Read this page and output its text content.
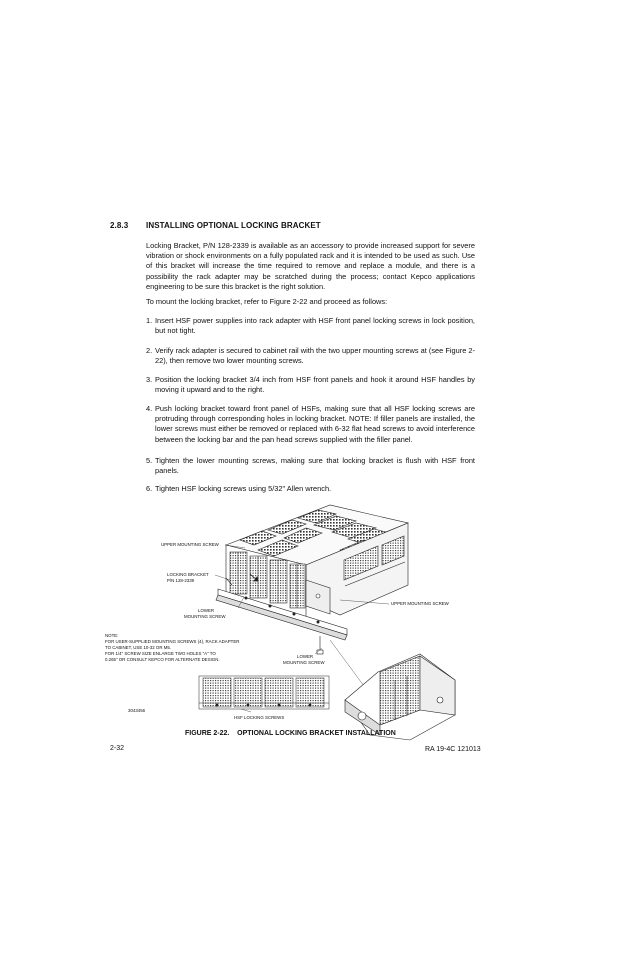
2.8.3 INSTALLING OPTIONAL LOCKING BRACKET
Locking Bracket, P/N 128-2339 is available as an accessory to provide increased support for severe vibration or shock environments on a fully populated rack and it is intended to be used as such. Use of this bracket will increase the time required to remove and replace a module, and there is a possibility the rack adapter may be scratched during the process; contact Kepco applications engineering to be sure this bracket is the right solution.
To mount the locking bracket, refer to Figure 2-22 and proceed as follows:
1. Insert HSF power supplies into rack adapter with HSF front panel locking screws in lock position, but not tight.
2. Verify rack adapter is secured to cabinet rail with the two upper mounting screws at (see Figure 2-22), then remove two lower mounting screws.
3. Position the locking bracket 3/4 inch from HSF front panels and hook it around HSF handles by moving it upward and to the right.
4. Push locking bracket toward front panel of HSFs, making sure that all HSF locking screws are protruding through corresponding holes in locking bracket. NOTE: If filler panels are installed, the lower screws must either be removed or replaced with 6-32 flat head screws to avoid interference between the locking bar and the pan head screws supplied with the filler panel.
5. Tighten the lower mounting screws, making sure that locking bracket is flush with HSF front panels.
6. Tighten HSF locking screws using 5/32" Allen wrench.
UPPER MOUNTING SCREW
LOCKING BRACKET
P/N 128-2339
LOWER
MOUNTING SCREW
UPPER MOUNTING SCREW
NOTE:
FOR USER-SUPPLIED MOUNTING SCREWS (4), RACK ADAPTER
TO CABINET, USE 10-32 OR M5.
FOR 1/4" SCREW SIZE ENLARGE TWO HOLES "A" TO
0.265" OR CONSULT KEPCO FOR ALTERNATE DESIGN.
LOWER
MOUNTING SCREW
3043456
HSF LOCKING SCREWS
FIGURE 2-22.    OPTIONAL LOCKING BRACKET INSTALLATION
2-32	RA 19-4C 121013
